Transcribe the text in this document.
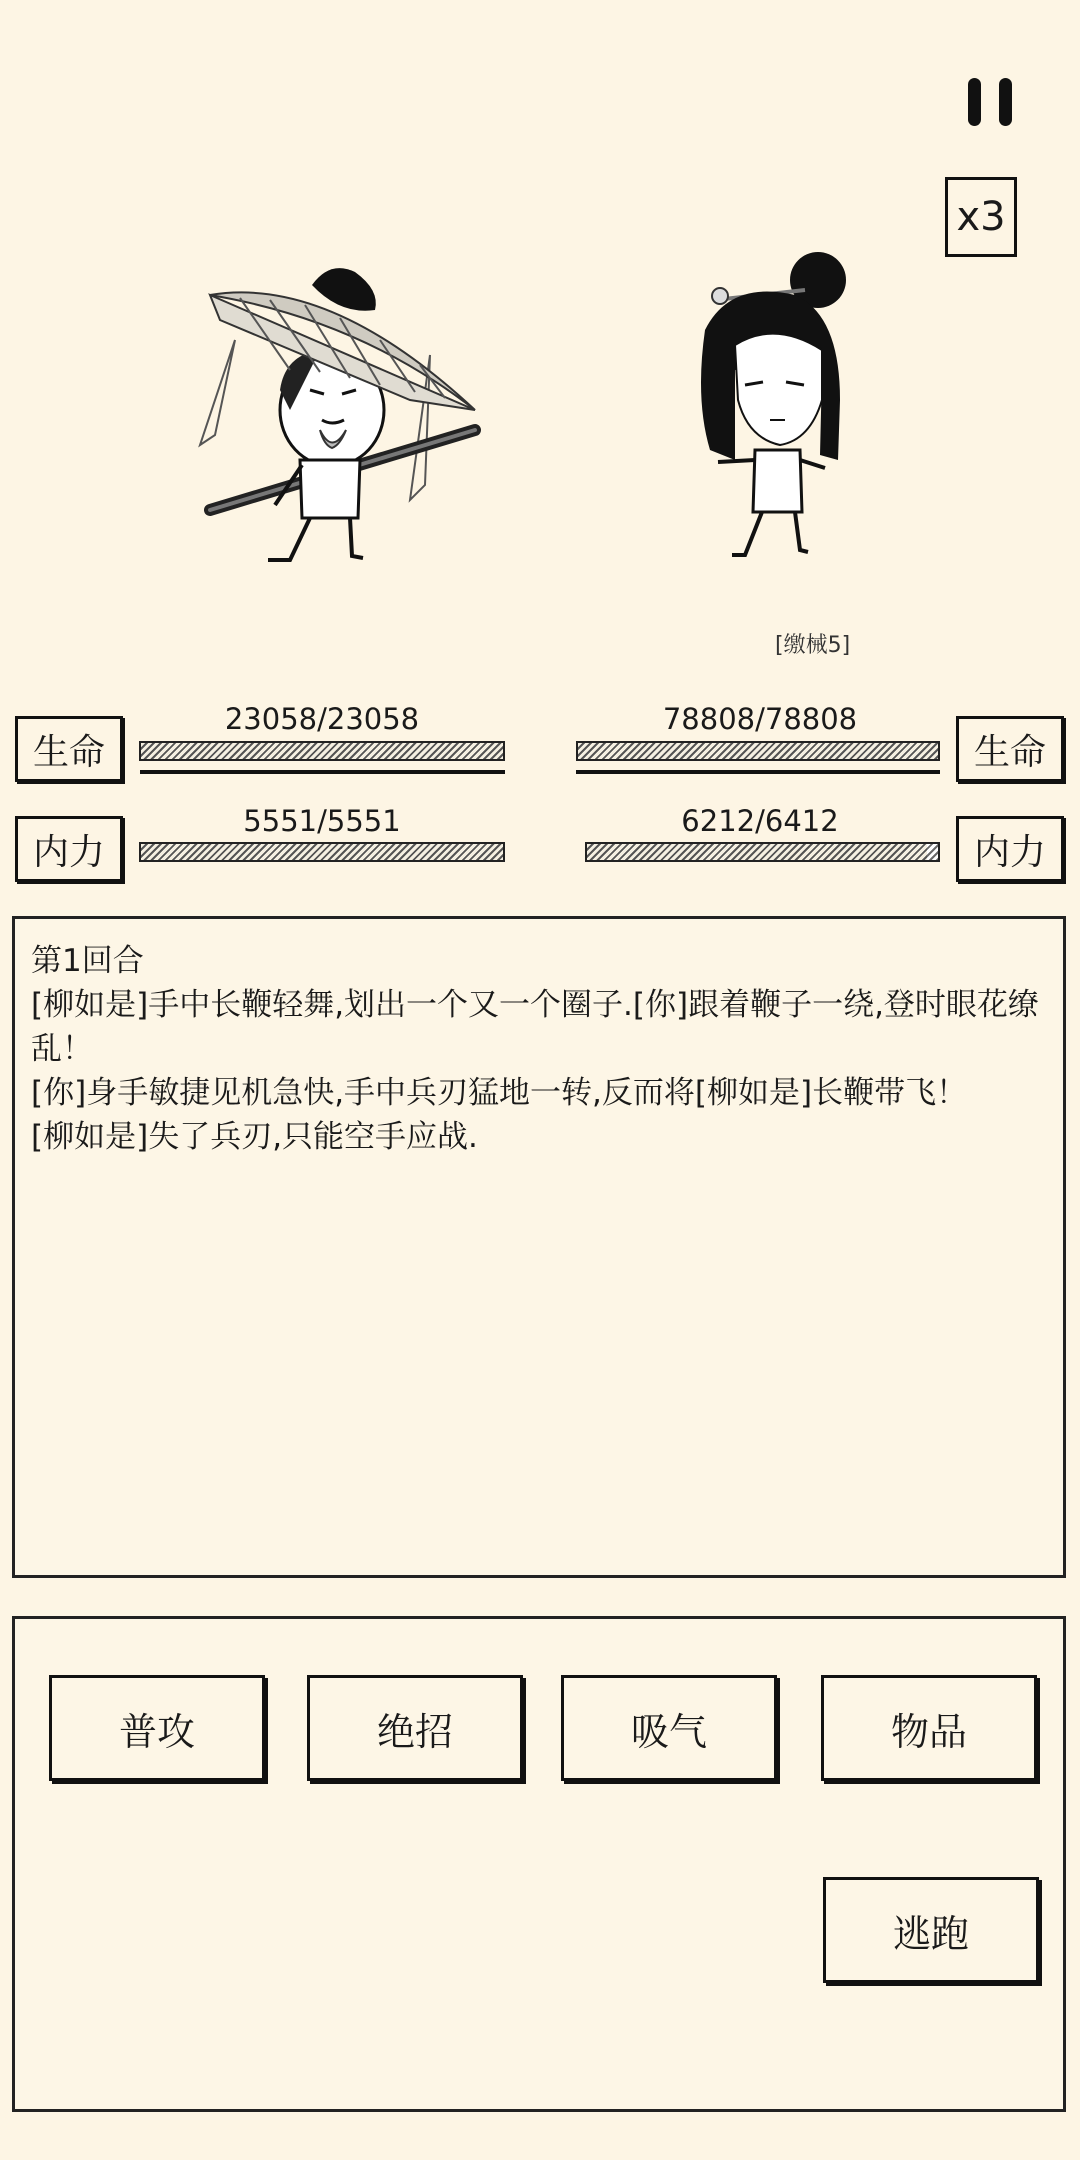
x3
[缴械5]
生命
23058/23058
生命
78808/78808
内力
5551/5551
内力
6212/6412

第1回合

[柳如是]手中长鞭轻舞,划出一个又一个圈子.[你]跟着鞭子一绕,登时眼花缭乱！

[你]身手敏捷见机急快,手中兵刃猛地一转,反而将[柳如是]长鞭带飞！

[柳如是]失了兵刃,只能空手应战.

普攻	绝招	吸气	物品
逃跑
